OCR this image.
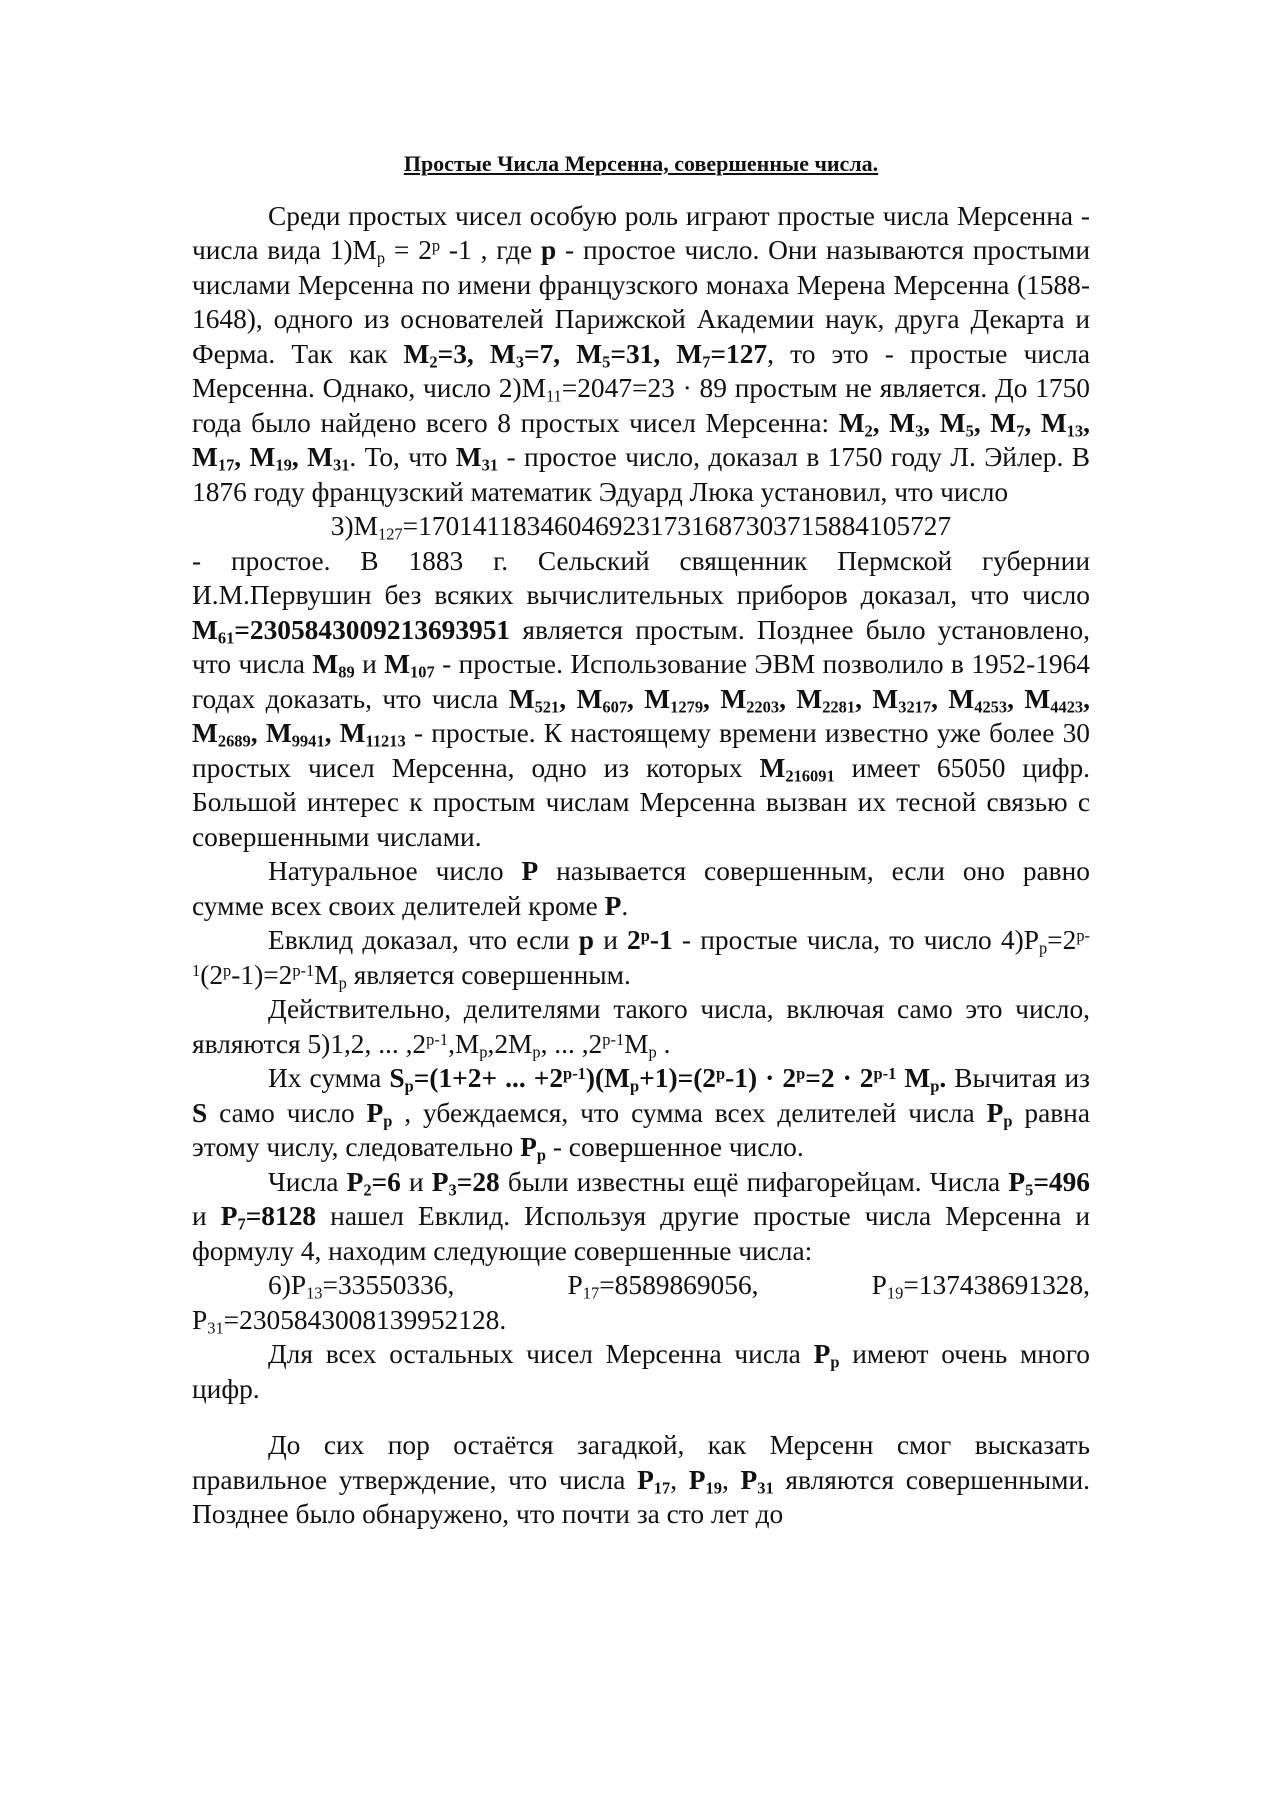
Простые Числа Мерсенна, совершенные числа.

Среди простых чисел особую роль играют простые числа Мерсенна - числа вида $1)M_p = 2^p$ -1 , где p - простое число. Они называются простыми числами Мерсенна по имени французского монаха Мерена Мерсенна (1588-1648), одного из основателей Парижской Академии наук, друга Декарта и Ферма. Так как $M_2=3$, $M_3=7$, $M_5=31$, $M_7=127$, то это - простые числа Мерсенна. Однако, число $2)M_{11}=2047=23 \cdot 89$ простым не является. До 1750 года было найдено всего 8 простых чисел Мерсенна: $M_2$, $M_3$, $M_5$, $M_7$, $M_{13}$, $M_{17}$, $M_{19}$, $M_{31}$. То, что $M_{31}$ - простое число, доказал в 1750 году Л. Эйлер. В 1876 году французский математик Эдуард Люка установил, что число

$3)M_{127}=170141183460469231731687303715884105727$

- простое. В 1883 г. Сельский священник Пермской губернии И.М.Первушин без всяких вычислительных приборов доказал, что число $M_{61}=2305843009213693951$ является простым. Позднее было установлено, что числа $M_{89}$ и $M_{107}$ - простые. Использование ЭВМ позволило в 1952-1964 годах доказать, что числа $M_{521}$, $M_{607}$, $M_{1279}$, $M_{2203}$, $M_{2281}$, $M_{3217}$, $M_{4253}$, $M_{4423}$, $M_{2689}$, $M_{9941}$, $M_{11213}$ - простые. К настоящему времени известно уже более 30 простых чисел Мерсенна, одно из которых $M_{216091}$ имеет 65050 цифр. Большой интерес к простым числам Мерсенна вызван их тесной связью с совершенными числами.

Натуральное число P называется совершенным, если оно равно сумме всех своих делителей кроме P.

Евклид доказал, что если p и 2$^p$-1 - простые числа, то число $4)P_p=2^{p-1}(2^p-1)=2^{p-1}M_p$ является совершенным.

Действительно, делителями такого числа, включая само это число, являются 5)1,2, ... $,2^{p-1},M_p,2M_p$, ... $,2^{p-1}M_p$ .

Их сумма $S_p=(1+2+$ ... $+2^{p-1})(M_p+1)=(2^p-1) \cdot 2^p=2 \cdot 2^{p-1}$ $M_p$. Вычитая из S само число $P_p$ , убеждаемся, что сумма всех делителей числа $P_p$ равна этому числу, следовательно $P_p$ - совершенное число.

Числа $P_2=6$ и $P_3=28$ были известны ещё пифагорейцам. Числа $P_5=496$ и $P_7=8128$ нашел Евклид. Используя другие простые числа Мерсенна и формулу 4, находим следующие совершенные числа:

$6)P_{13}=33550336$, $P_{17}=8589869056$, $P_{19}=137438691328$, $P_{31}=2305843008139952128$.

Для всех остальных чисел Мерсенна числа $P_p$ имеют очень много цифр.

До сих пор остаётся загадкой, как Мерсенн смог высказать правильное утверждение, что числа $P_{17}$, $P_{19}$, $P_{31}$ являются совершенными. Позднее было обнаружено, что почти за сто лет до
